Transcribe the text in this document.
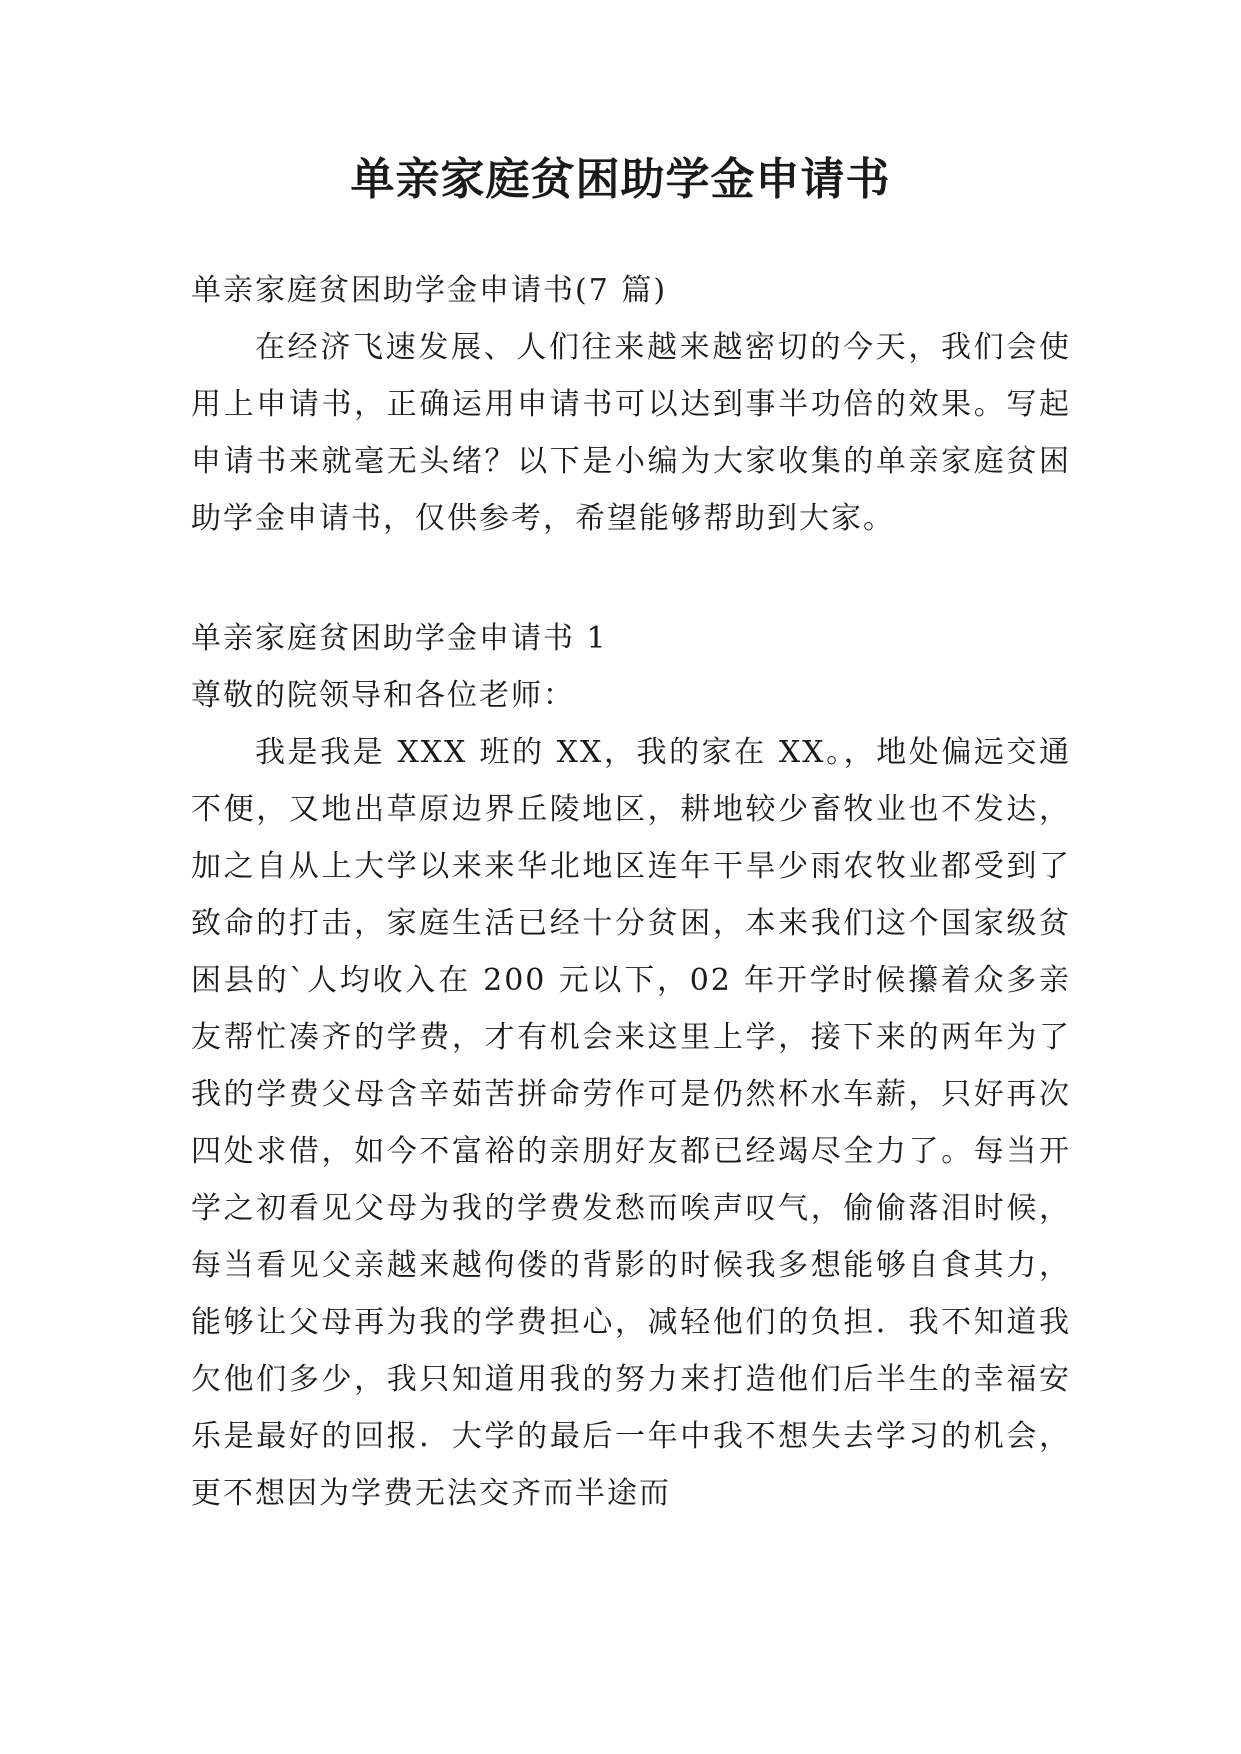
单亲家庭贫困助学金申请书

单亲家庭贫困助学金申请书(7 篇)

在经济飞速发展、人们往来越来越密切的今天，我们会使用上申请书，正确运用申请书可以达到事半功倍的效果。写起申请书来就毫无头绪？以下是小编为大家收集的单亲家庭贫困助学金申请书，仅供参考，希望能够帮助到大家。

单亲家庭贫困助学金申请书 1

尊敬的院领导和各位老师：

我是我是 XXX 班的 XX，我的家在 XX。，地处偏远交通不便，又地出草原边界丘陵地区，耕地较少畜牧业也不发达，加之自从上大学以来来华北地区连年干旱少雨农牧业都受到了致命的打击，家庭生活已经十分贫困，本来我们这个国家级贫困县的`人均收入在 200 元以下，02 年开学时候攥着众多亲友帮忙凑齐的学费，才有机会来这里上学，接下来的两年为了我的学费父母含辛茹苦拼命劳作可是仍然杯水车薪，只好再次四处求借，如今不富裕的亲朋好友都已经竭尽全力了。每当开学之初看见父母为我的学费发愁而唉声叹气，偷偷落泪时候，每当看见父亲越来越佝偻的背影的时候我多想能够自食其力，能够让父母再为我的学费担心，减轻他们的负担．我不知道我欠他们多少，我只知道用我的努力来打造他们后半生的幸福安乐是最好的回报．大学的最后一年中我不想失去学习的机会，更不想因为学费无法交齐而半途而
